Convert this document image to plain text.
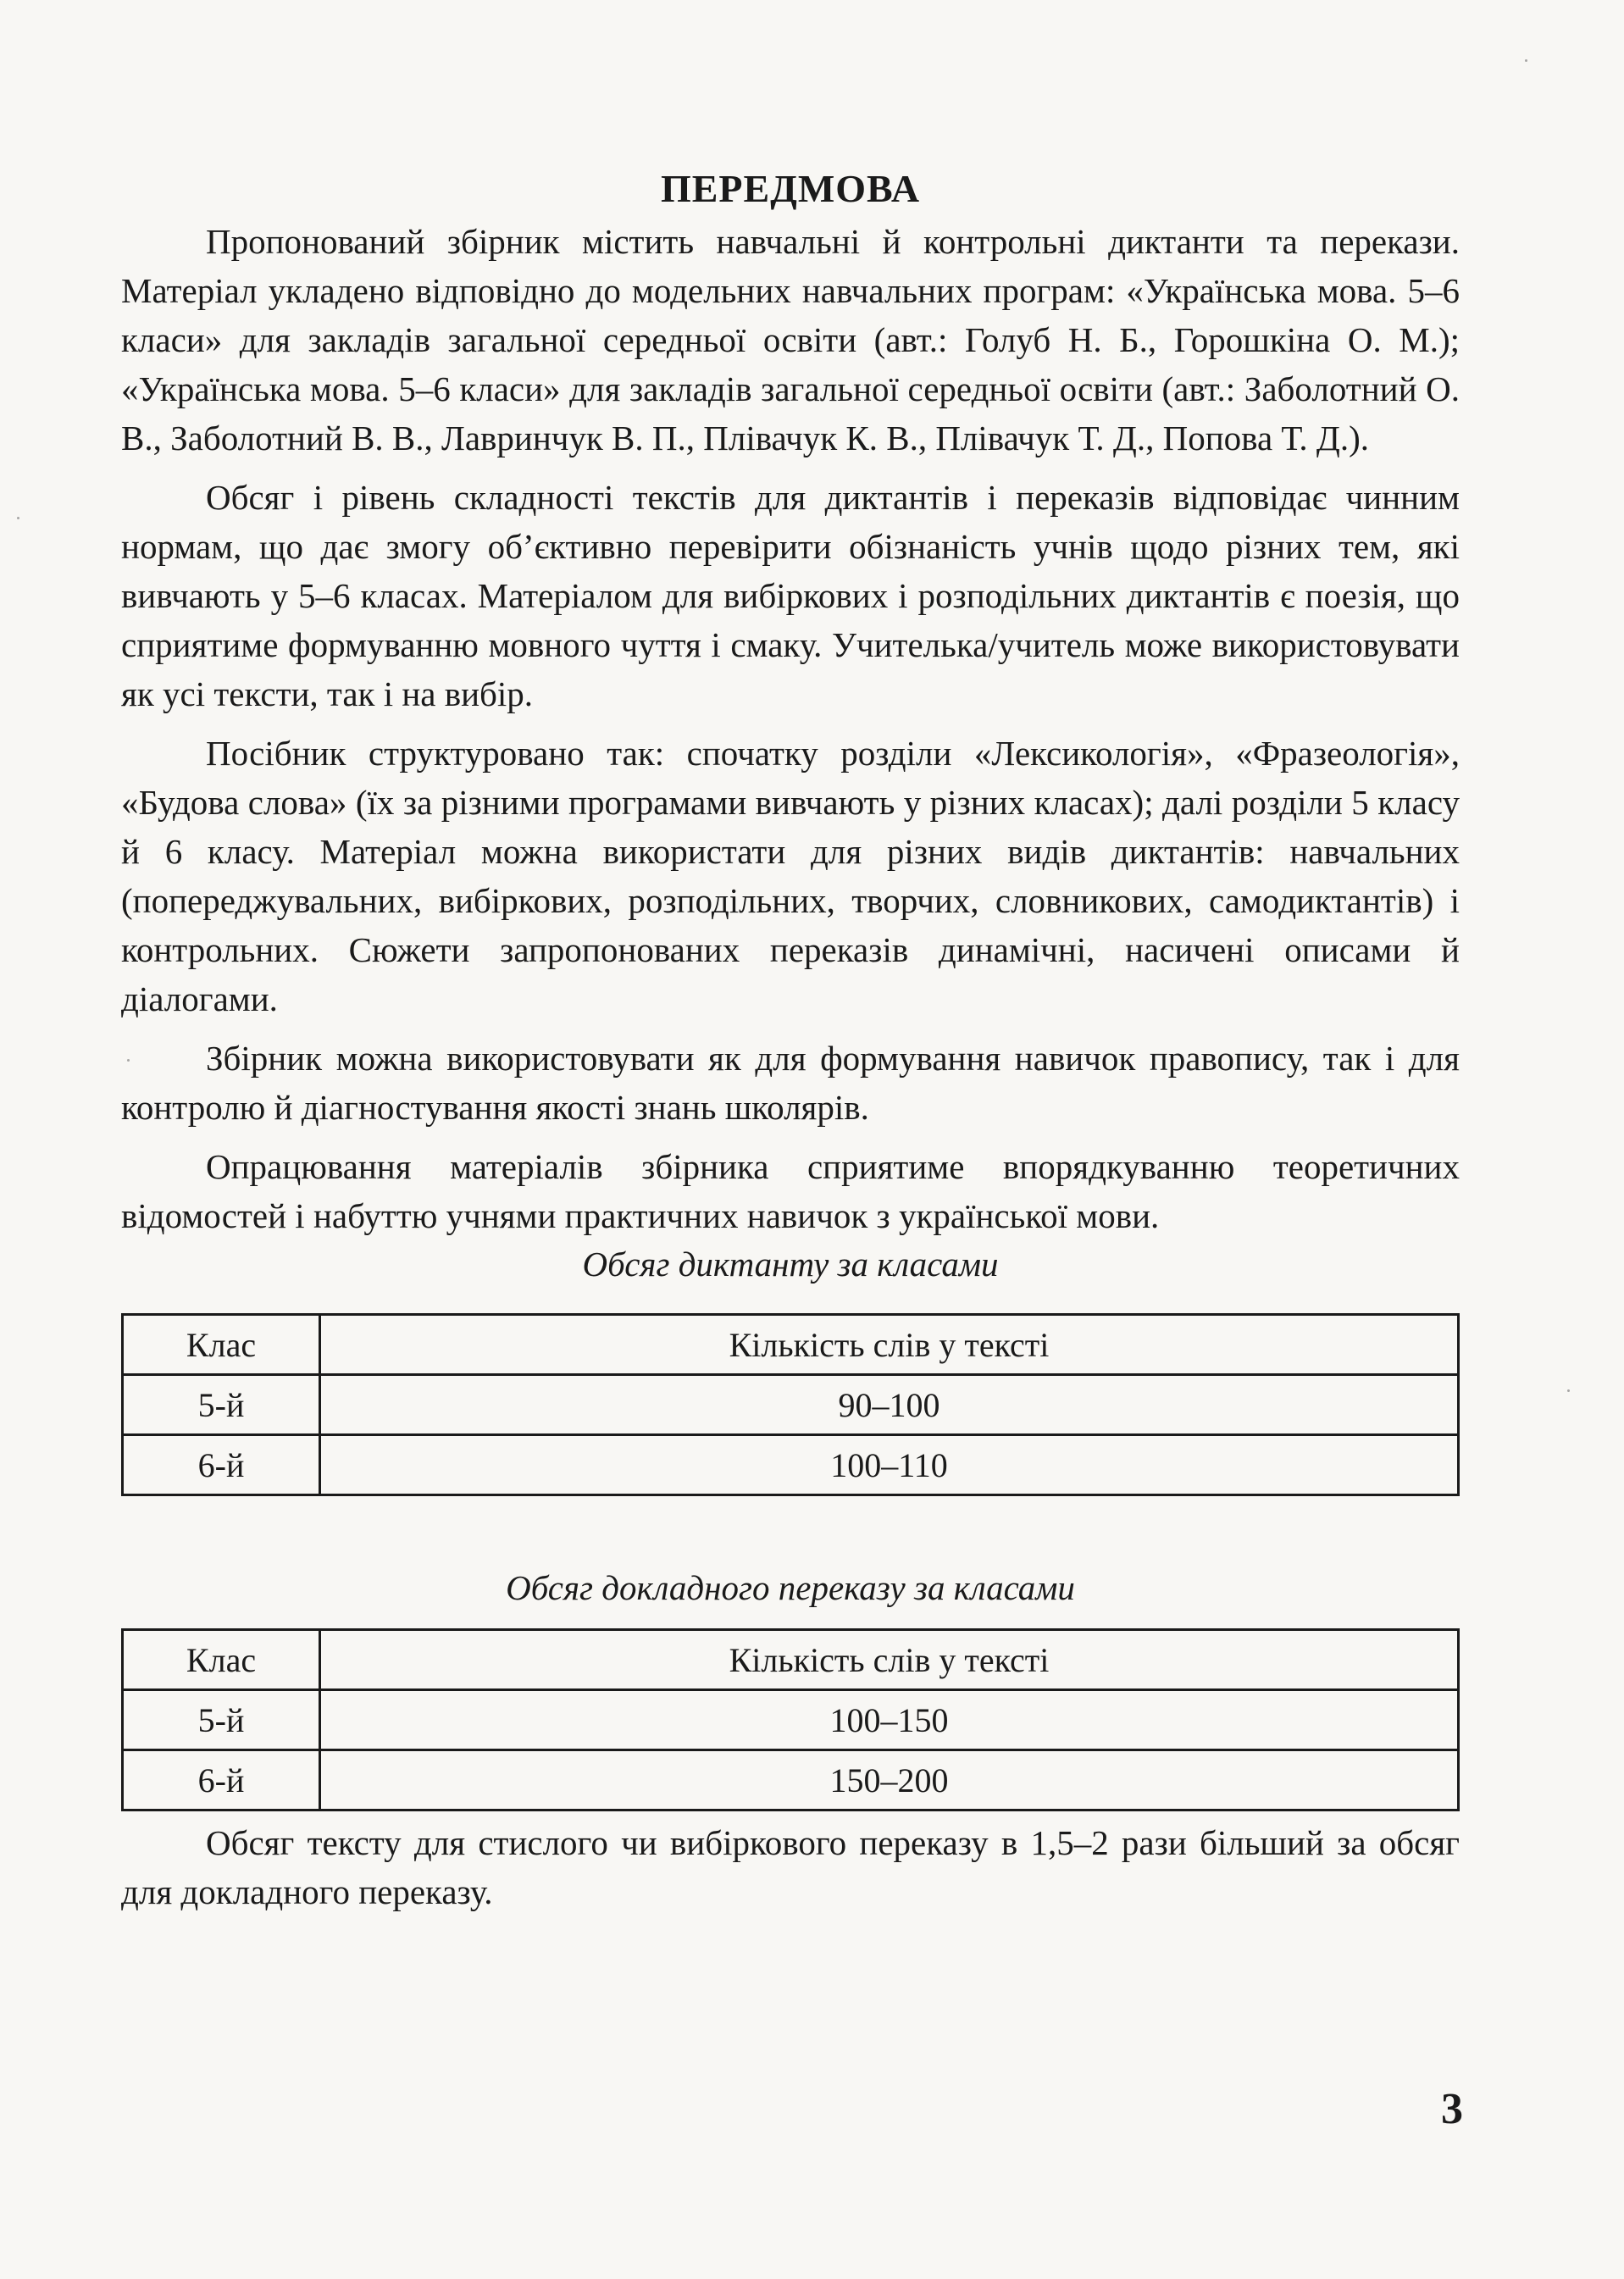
ПЕРЕДМОВА

Пропонований збірник містить навчальні й контрольні диктанти та перекази. Матеріал укладено відповідно до модельних навчальних програм: «Українська мова. 5–6 класи» для закладів загальної середньої освіти (авт.: Голуб Н. Б., Горошкіна О. М.); «Українська мова. 5–6 класи» для закладів загальної середньої освіти (авт.: Заболотний О. В., Заболотний В. В., Лавринчук В. П., Плівачук К. В., Плівачук Т. Д., Попова Т. Д.).

Обсяг і рівень складності текстів для диктантів і переказів відповідає чинним нормам, що дає змогу об’єктивно перевірити обізнаність учнів щодо різних тем, які вивчають у 5–6 класах. Матеріалом для вибіркових і розподільних диктантів є поезія, що сприятиме формуванню мовного чуття і смаку. Учителька/учитель може використовувати як усі тексти, так і на вибір.

Посібник структуровано так: спочатку розділи «Лексикологія», «Фразеологія», «Будова слова» (їх за різними програмами вивчають у різних класах); далі розділи 5 класу й 6 класу. Матеріал можна використати для різних видів диктантів: навчальних (попереджувальних, вибіркових, розподільних, творчих, словникових, самодиктантів) і контрольних. Сюжети запропонованих переказів динамічні, насичені описами й діалогами.

Збірник можна використовувати як для формування навичок правопису, так і для контролю й діагностування якості знань школярів.

Опрацювання матеріалів збірника сприятиме впорядкуванню теоретичних відомостей і набуттю учнями практичних навичок з української мови.

Обсяг диктанту за класами

Клас	Кількість слів у тексті
5-й	90–100
6-й	100–110

Обсяг докладного переказу за класами

Клас	Кількість слів у тексті
5-й	100–150
6-й	150–200

Обсяг тексту для стислого чи вибіркового переказу в 1,5–2 рази більший за обсяг для докладного переказу.

3
